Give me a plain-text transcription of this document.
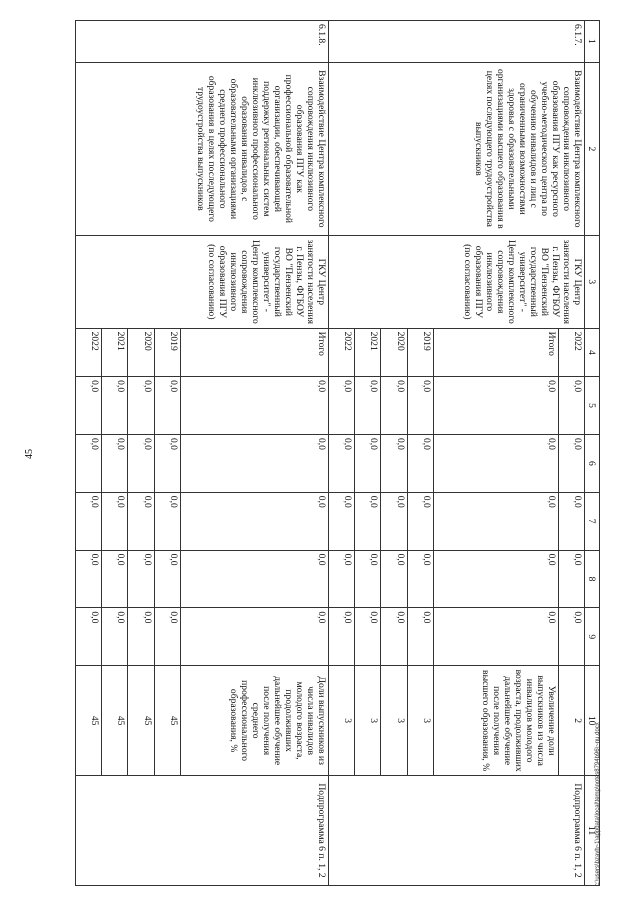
45
1	2	3	4	5	6	7	8	9	10	11
6.1.7.	Взаимодействие Центра комплексного сопровождения инклюзивного образования ПГУ как ресурсного учебно-методического центра по обучению инвалидов и лиц с ограниченными возможностями здоровья с образовательными организациями высшего образования в целях последующего трудоустройства выпускников	ГКУ Центр занятости населения г. Пензы, ФГБОУ ВО "Пензенский государственный университет" - Центр комплексного сопровождения инклюзивного образования ПГУ (по согласованию)	2022	0,0	0,0	0,0	0,0	0,0	2	Подпрограмма 6 п. 1, 2
			Итого	0,0	0,0	0,0	0,0	0,0	Увеличение доли выпускников из числа инвалидов молодого возраста, продолживших дальнейшее обучение после получения высшего образования, %	
			2019	0,0	0,0	0,0	0,0	0,0	3	
			2020	0,0	0,0	0,0	0,0	0,0	3	
			2021	0,0	0,0	0,0	0,0	0,0	3	
			2022	0,0	0,0	0,0	0,0	0,0	3	
6.1.8.	Взаимодействие Центра комплексного сопровождения инклюзивного образования ПГУ как профессиональной образовательной организации, обеспечивающей поддержку региональных систем инклюзивного профессионального образования инвалидов, с образовательными организациями среднего профессионального образования в целях последующего трудоустройства выпускников	ГКУ Центр занятости населения г. Пензы, ФГБОУ ВО "Пензенский государственный университет" - Центр комплексного сопровождения инклюзивного образования ПГУ (по согласованию)	Итого	0,0	0,0	0,0	0,0	0,0	Доли выпускников из числа инвалидов молодого возраста, продолживших дальнейшее обучение после получения среднего профессионального образования, %	Подпрограмма 6 п. 1, 2
			2019	0,0	0,0	0,0	0,0	0,0	45	
			2020	0,0	0,0	0,0	0,0	0,0	45	
			2021	0,0	0,0	0,0	0,0	0,0	45	
			2022	0,0	0,0	0,0	0,0	0,0	45	
c:\users\bzavh~1\appdata\local\temp\notes8794b96\~nu.docx
